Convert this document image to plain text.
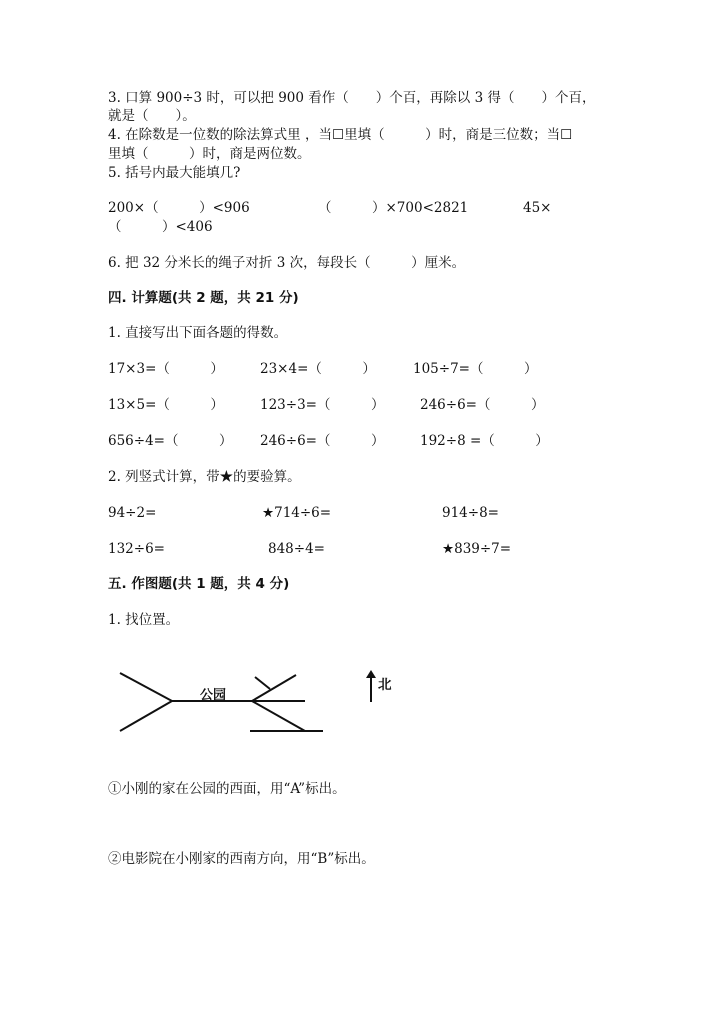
3. 口算 900÷3 时，可以把 900 看作（　　）个百，再除以 3 得（　　）个百，
就是（　　）。
4. 在除数是一位数的除法算式里 ，当☐里填（　　　）时，商是三位数；当☐
里填（　　　）时，商是两位数。
5. 括号内最大能填几?
200×（　　　）<906	（　　　）×700<2821	45×
（　　　）<406
6. 把 32 分米长的绳子对折 3 次，每段长（　　　）厘米。
四. 计算题(共 2 题，共 21 分)
1. 直接写出下面各题的得数。
17×3=（　　　）	23×4=（　　　）	105÷7=（　　　）
13×5=（　　　）	123÷3=（　　　）	246÷6=（　　　）
656÷4=（　　　） 246÷6=（　　　）	192÷8 =（　　　）
2. 列竖式计算，带★的要验算。
94÷2=	★714÷6=	914÷8=
132÷6=	848÷4=	★839÷7=
五. 作图题(共 1 题，共 4 分)
1. 找位置。
公园
北
①小刚的家在公园的西面，用“A”标出。
②电影院在小刚家的西南方向，用“B”标出。
